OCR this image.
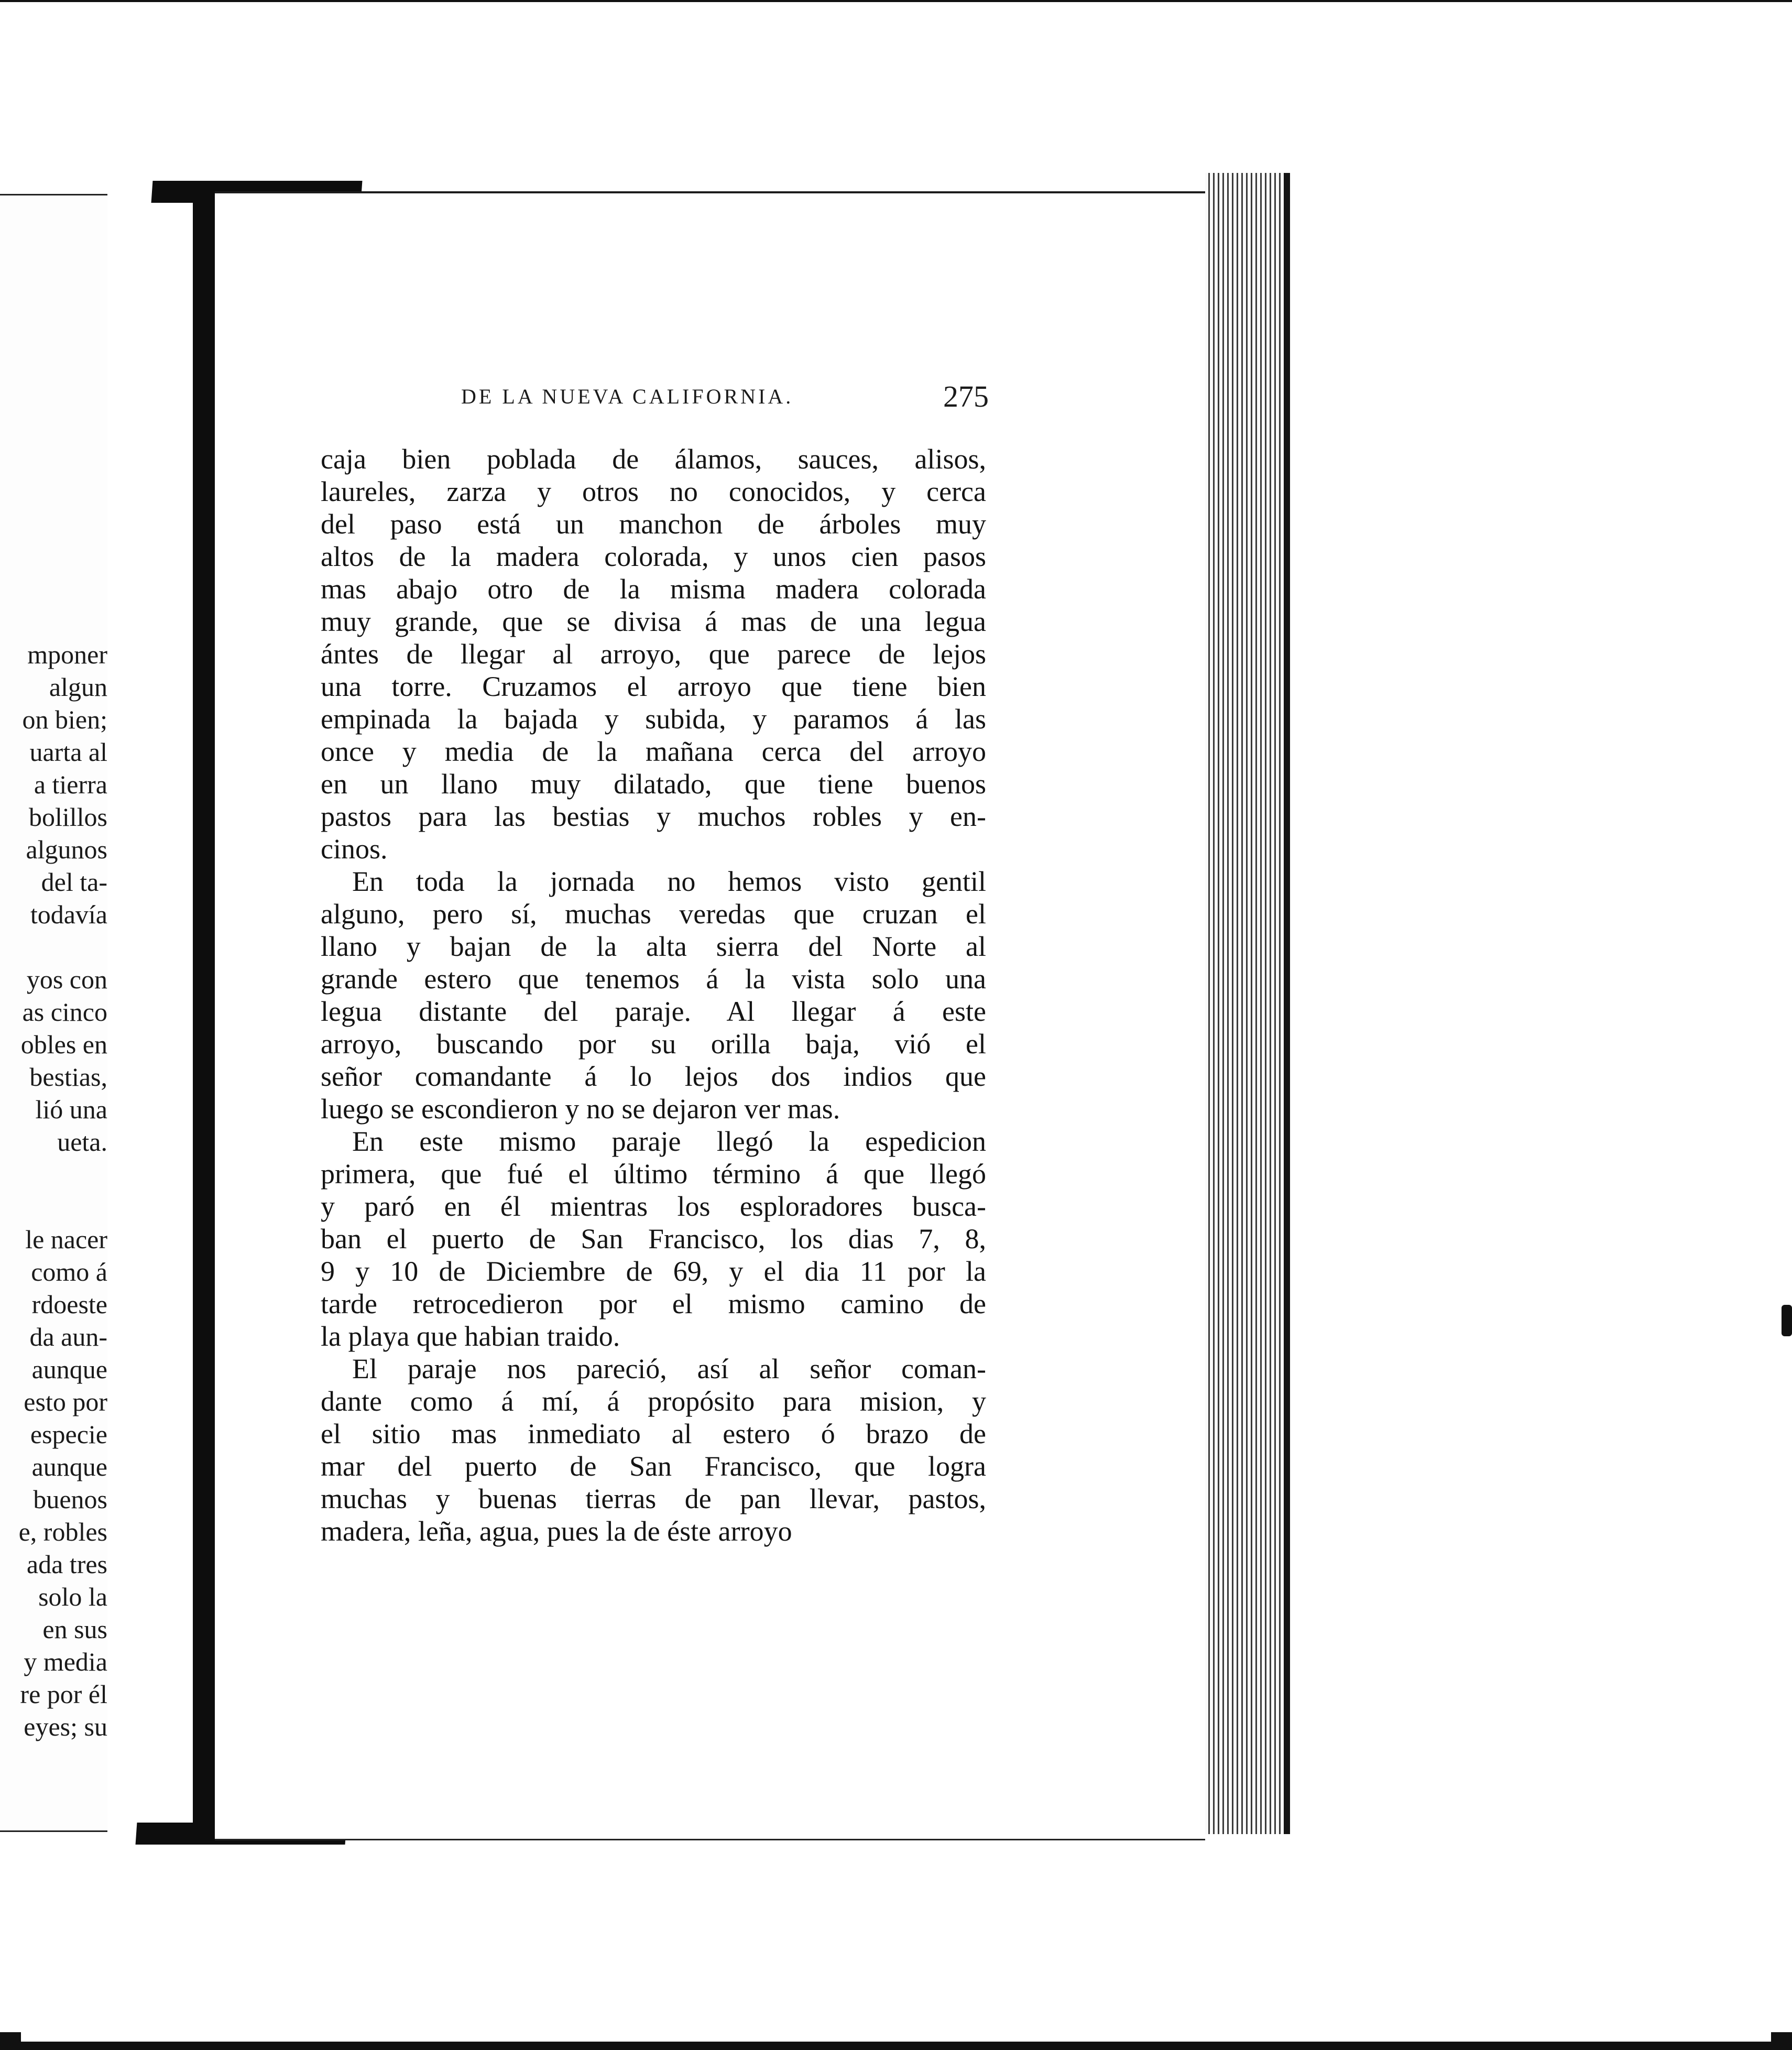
mponer
algun
on bien;
uarta al
a tierra
bolillos
algunos
del ta-
todavía
yos con
as cinco
obles en
bestias,
lió una
ueta.
le nacer
como á
rdoeste
da aun-
aunque
esto por
especie
aunque
buenos
e, robles
ada tres
solo la
en sus
y media
re por él
eyes; su
DE LA NUEVA CALIFORNIA.	275
caja bien poblada de álamos, sauces, alisos,
laureles, zarza y otros no conocidos, y cerca
del paso está un manchon de árboles muy
altos de la madera colorada, y unos cien pasos
mas abajo otro de la misma madera colorada
muy grande, que se divisa á mas de una legua
ántes de llegar al arroyo, que parece de lejos
una torre. Cruzamos el arroyo que tiene bien
empinada la bajada y subida, y paramos á las
once y media de la mañana cerca del arroyo
en un llano muy dilatado, que tiene buenos
pastos para las bestias y muchos robles y en-
cinos.
En toda la jornada no hemos visto gentil
alguno, pero sí, muchas veredas que cruzan el
llano y bajan de la alta sierra del Norte al
grande estero que tenemos á la vista solo una
legua distante del paraje. Al llegar á este
arroyo, buscando por su orilla baja, vió el
señor comandante á lo lejos dos indios que
luego se escondieron y no se dejaron ver mas.
En este mismo paraje llegó la espedicion
primera, que fué el último término á que llegó
y paró en él mientras los esploradores busca-
ban el puerto de San Francisco, los dias 7, 8,
9 y 10 de Diciembre de 69, y el dia 11 por la
tarde retrocedieron por el mismo camino de
la playa que habian traido.
El paraje nos pareció, así al señor coman-
dante como á mí, á propósito para mision, y
el sitio mas inmediato al estero ó brazo de
mar del puerto de San Francisco, que logra
muchas y buenas tierras de pan llevar, pastos,
madera, leña, agua, pues la de éste arroyo
